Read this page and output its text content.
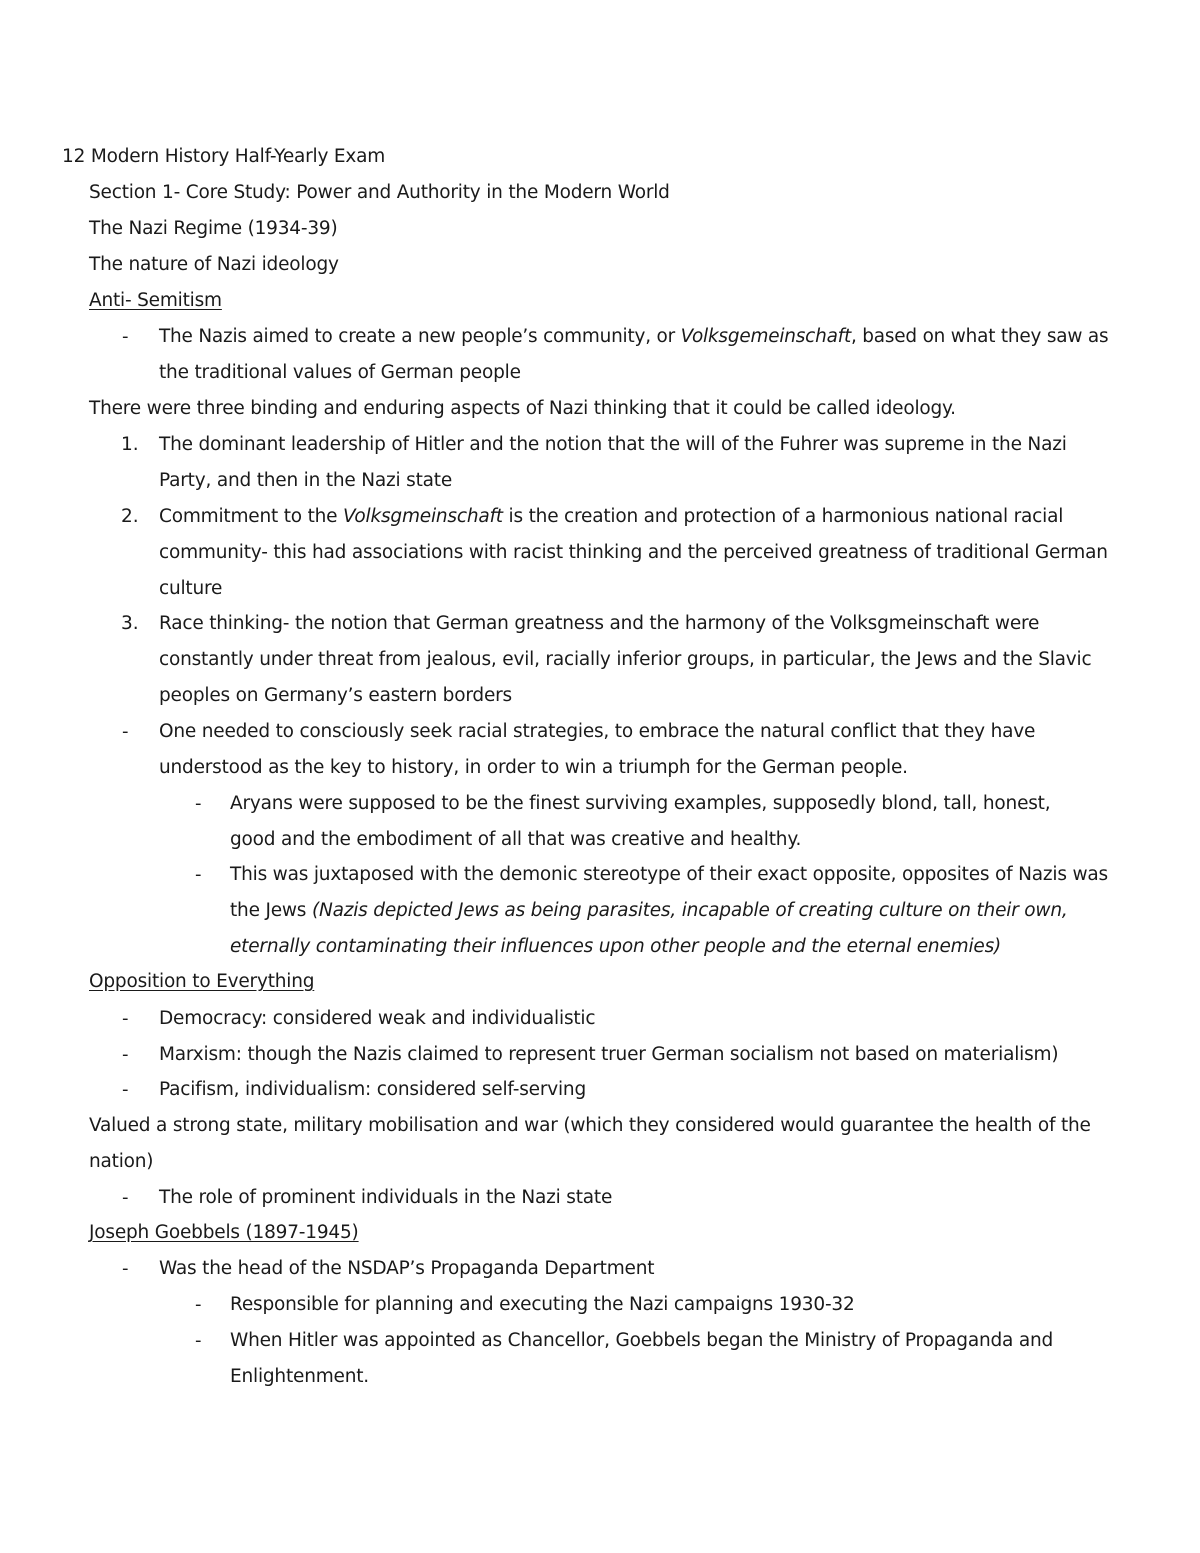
12 Modern History Half-Yearly Exam
Section 1- Core Study: Power and Authority in the Modern World
The Nazi Regime (1934-39)
The nature of Nazi ideology
Anti- Semitism
- The Nazis aimed to create a new people’s community, or Volksgemeinschaft, based on what they saw as
the traditional values of German people
There were three binding and enduring aspects of Nazi thinking that it could be called ideology.
1. The dominant leadership of Hitler and the notion that the will of the Fuhrer was supreme in the Nazi
Party, and then in the Nazi state
2. Commitment to the Volksgmeinschaft is the creation and protection of a harmonious national racial
community- this had associations with racist thinking and the perceived greatness of traditional German
culture
3. Race thinking- the notion that German greatness and the harmony of the Volksgmeinschaft were
constantly under threat from jealous, evil, racially inferior groups, in particular, the Jews and the Slavic
peoples on Germany’s eastern borders
- One needed to consciously seek racial strategies, to embrace the natural conflict that they have
understood as the key to history, in order to win a triumph for the German people.
- Aryans were supposed to be the finest surviving examples, supposedly blond, tall, honest,
good and the embodiment of all that was creative and healthy.
- This was juxtaposed with the demonic stereotype of their exact opposite, opposites of Nazis was
the Jews (Nazis depicted Jews as being parasites, incapable of creating culture on their own,
eternally contaminating their influences upon other people and the eternal enemies)
Opposition to Everything
- Democracy: considered weak and individualistic
- Marxism: though the Nazis claimed to represent truer German socialism not based on materialism)
- Pacifism, individualism: considered self-serving
Valued a strong state, military mobilisation and war (which they considered would guarantee the health of the
nation)
- The role of prominent individuals in the Nazi state
Joseph Goebbels (1897-1945)
- Was the head of the NSDAP’s Propaganda Department
- Responsible for planning and executing the Nazi campaigns 1930-32
- When Hitler was appointed as Chancellor, Goebbels began the Ministry of Propaganda and
Enlightenment.
